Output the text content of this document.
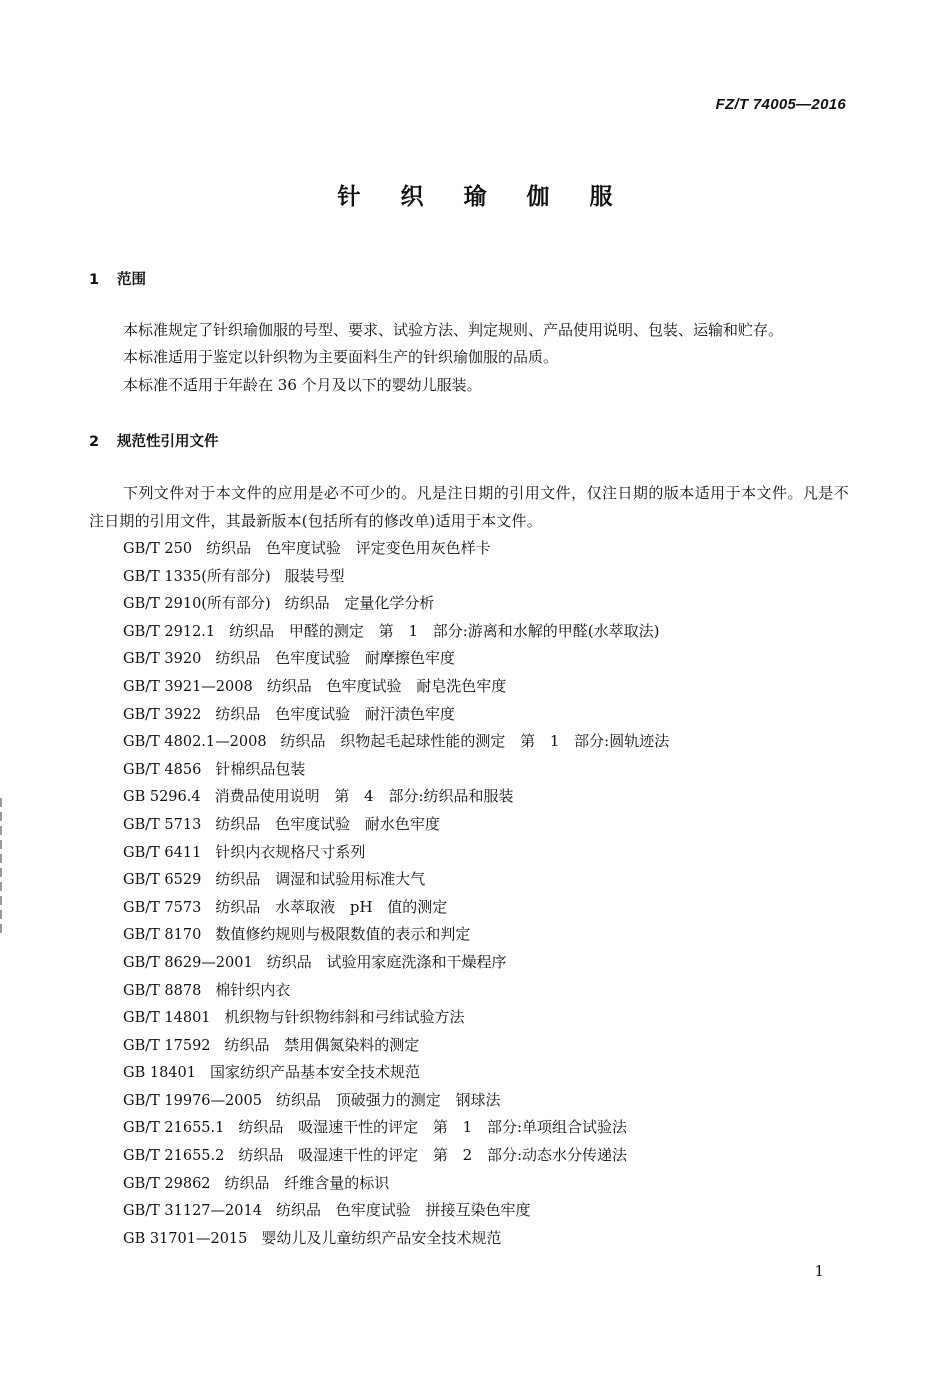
FZ/T 74005—2016
针 织 瑜 伽 服
1 范围
本标准规定了针织瑜伽服的号型、要求、试验方法、判定规则、产品使用说明、包装、运输和贮存。
本标准适用于鉴定以针织物为主要面料生产的针织瑜伽服的品质。
本标准不适用于年龄在 36 个月及以下的婴幼儿服装。
2 规范性引用文件
下列文件对于本文件的应用是必不可少的。凡是注日期的引用文件，仅注日期的版本适用于本文件。凡是不注日期的引用文件，其最新版本(包括所有的修改单)适用于本文件。
GB/T 250 纺织品 色牢度试验 评定变色用灰色样卡
GB/T 1335(所有部分) 服装号型
GB/T 2910(所有部分) 纺织品 定量化学分析
GB/T 2912.1 纺织品 甲醛的测定 第 1 部分:游离和水解的甲醛(水萃取法)
GB/T 3920 纺织品 色牢度试验 耐摩擦色牢度
GB/T 3921—2008 纺织品 色牢度试验 耐皂洗色牢度
GB/T 3922 纺织品 色牢度试验 耐汗渍色牢度
GB/T 4802.1—2008 纺织品 织物起毛起球性能的测定 第 1 部分:圆轨迹法
GB/T 4856 针棉织品包装
GB 5296.4 消费品使用说明 第 4 部分:纺织品和服装
GB/T 5713 纺织品 色牢度试验 耐水色牢度
GB/T 6411 针织内衣规格尺寸系列
GB/T 6529 纺织品 调湿和试验用标准大气
GB/T 7573 纺织品 水萃取液 pH 值的测定
GB/T 8170 数值修约规则与极限数值的表示和判定
GB/T 8629—2001 纺织品 试验用家庭洗涤和干燥程序
GB/T 8878 棉针织内衣
GB/T 14801 机织物与针织物纬斜和弓纬试验方法
GB/T 17592 纺织品 禁用偶氮染料的测定
GB 18401 国家纺织产品基本安全技术规范
GB/T 19976—2005 纺织品 顶破强力的测定 钢球法
GB/T 21655.1 纺织品 吸湿速干性的评定 第 1 部分:单项组合试验法
GB/T 21655.2 纺织品 吸湿速干性的评定 第 2 部分:动态水分传递法
GB/T 29862 纺织品 纤维含量的标识
GB/T 31127—2014 纺织品 色牢度试验 拼接互染色牢度
GB 31701—2015 婴幼儿及儿童纺织产品安全技术规范
1
